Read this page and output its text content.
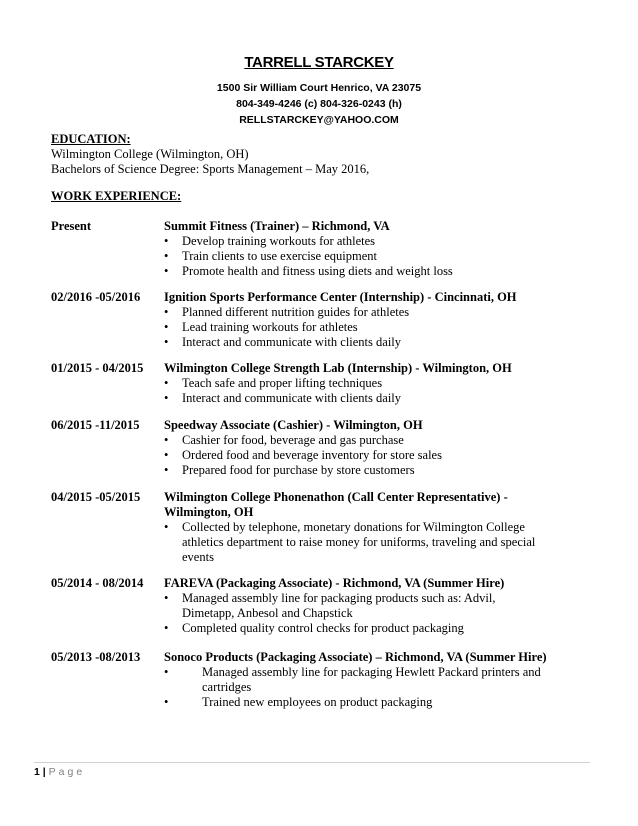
TARRELL STARCKEY
1500 Sir William Court Henrico, VA 23075
804-349-4246 (c) 804-326-0243 (h)
RELLSTARCKEY@YAHOO.COM
EDUCATION:
Wilmington College (Wilmington, OH)
Bachelors of Science Degree: Sports Management – May 2016,
WORK EXPERIENCE:
Present	Summit Fitness (Trainer) – Richmond, VA
• Develop training workouts for athletes
• Train clients to use exercise equipment
• Promote health and fitness using diets and weight loss
02/2016 -05/2016 Ignition Sports Performance Center (Internship) - Cincinnati, OH
• Planned different nutrition guides for athletes
• Lead training workouts for athletes
• Interact and communicate with clients daily
01/2015 - 04/2015 Wilmington College Strength Lab (Internship) - Wilmington, OH
• Teach safe and proper lifting techniques
• Interact and communicate with clients daily
06/2015 -11/2015 Speedway Associate (Cashier) - Wilmington, OH
• Cashier for food, beverage and gas purchase
• Ordered food and beverage inventory for store sales
• Prepared food for purchase by store customers
04/2015 -05/2015 Wilmington College Phonenathon (Call Center Representative) - Wilmington, OH
• Collected by telephone, monetary donations for Wilmington College athletics department to raise money for uniforms, traveling and special events
05/2014 - 08/2014 FAREVA (Packaging Associate) - Richmond, VA (Summer Hire)
• Managed assembly line for packaging products such as: Advil, Dimetapp, Anbesol and Chapstick
• Completed quality control checks for product packaging
05/2013 -08/2013 Sonoco Products (Packaging Associate) – Richmond, VA (Summer Hire)
• Managed assembly line for packaging Hewlett Packard printers and cartridges
• Trained new employees on product packaging
1 | Page
